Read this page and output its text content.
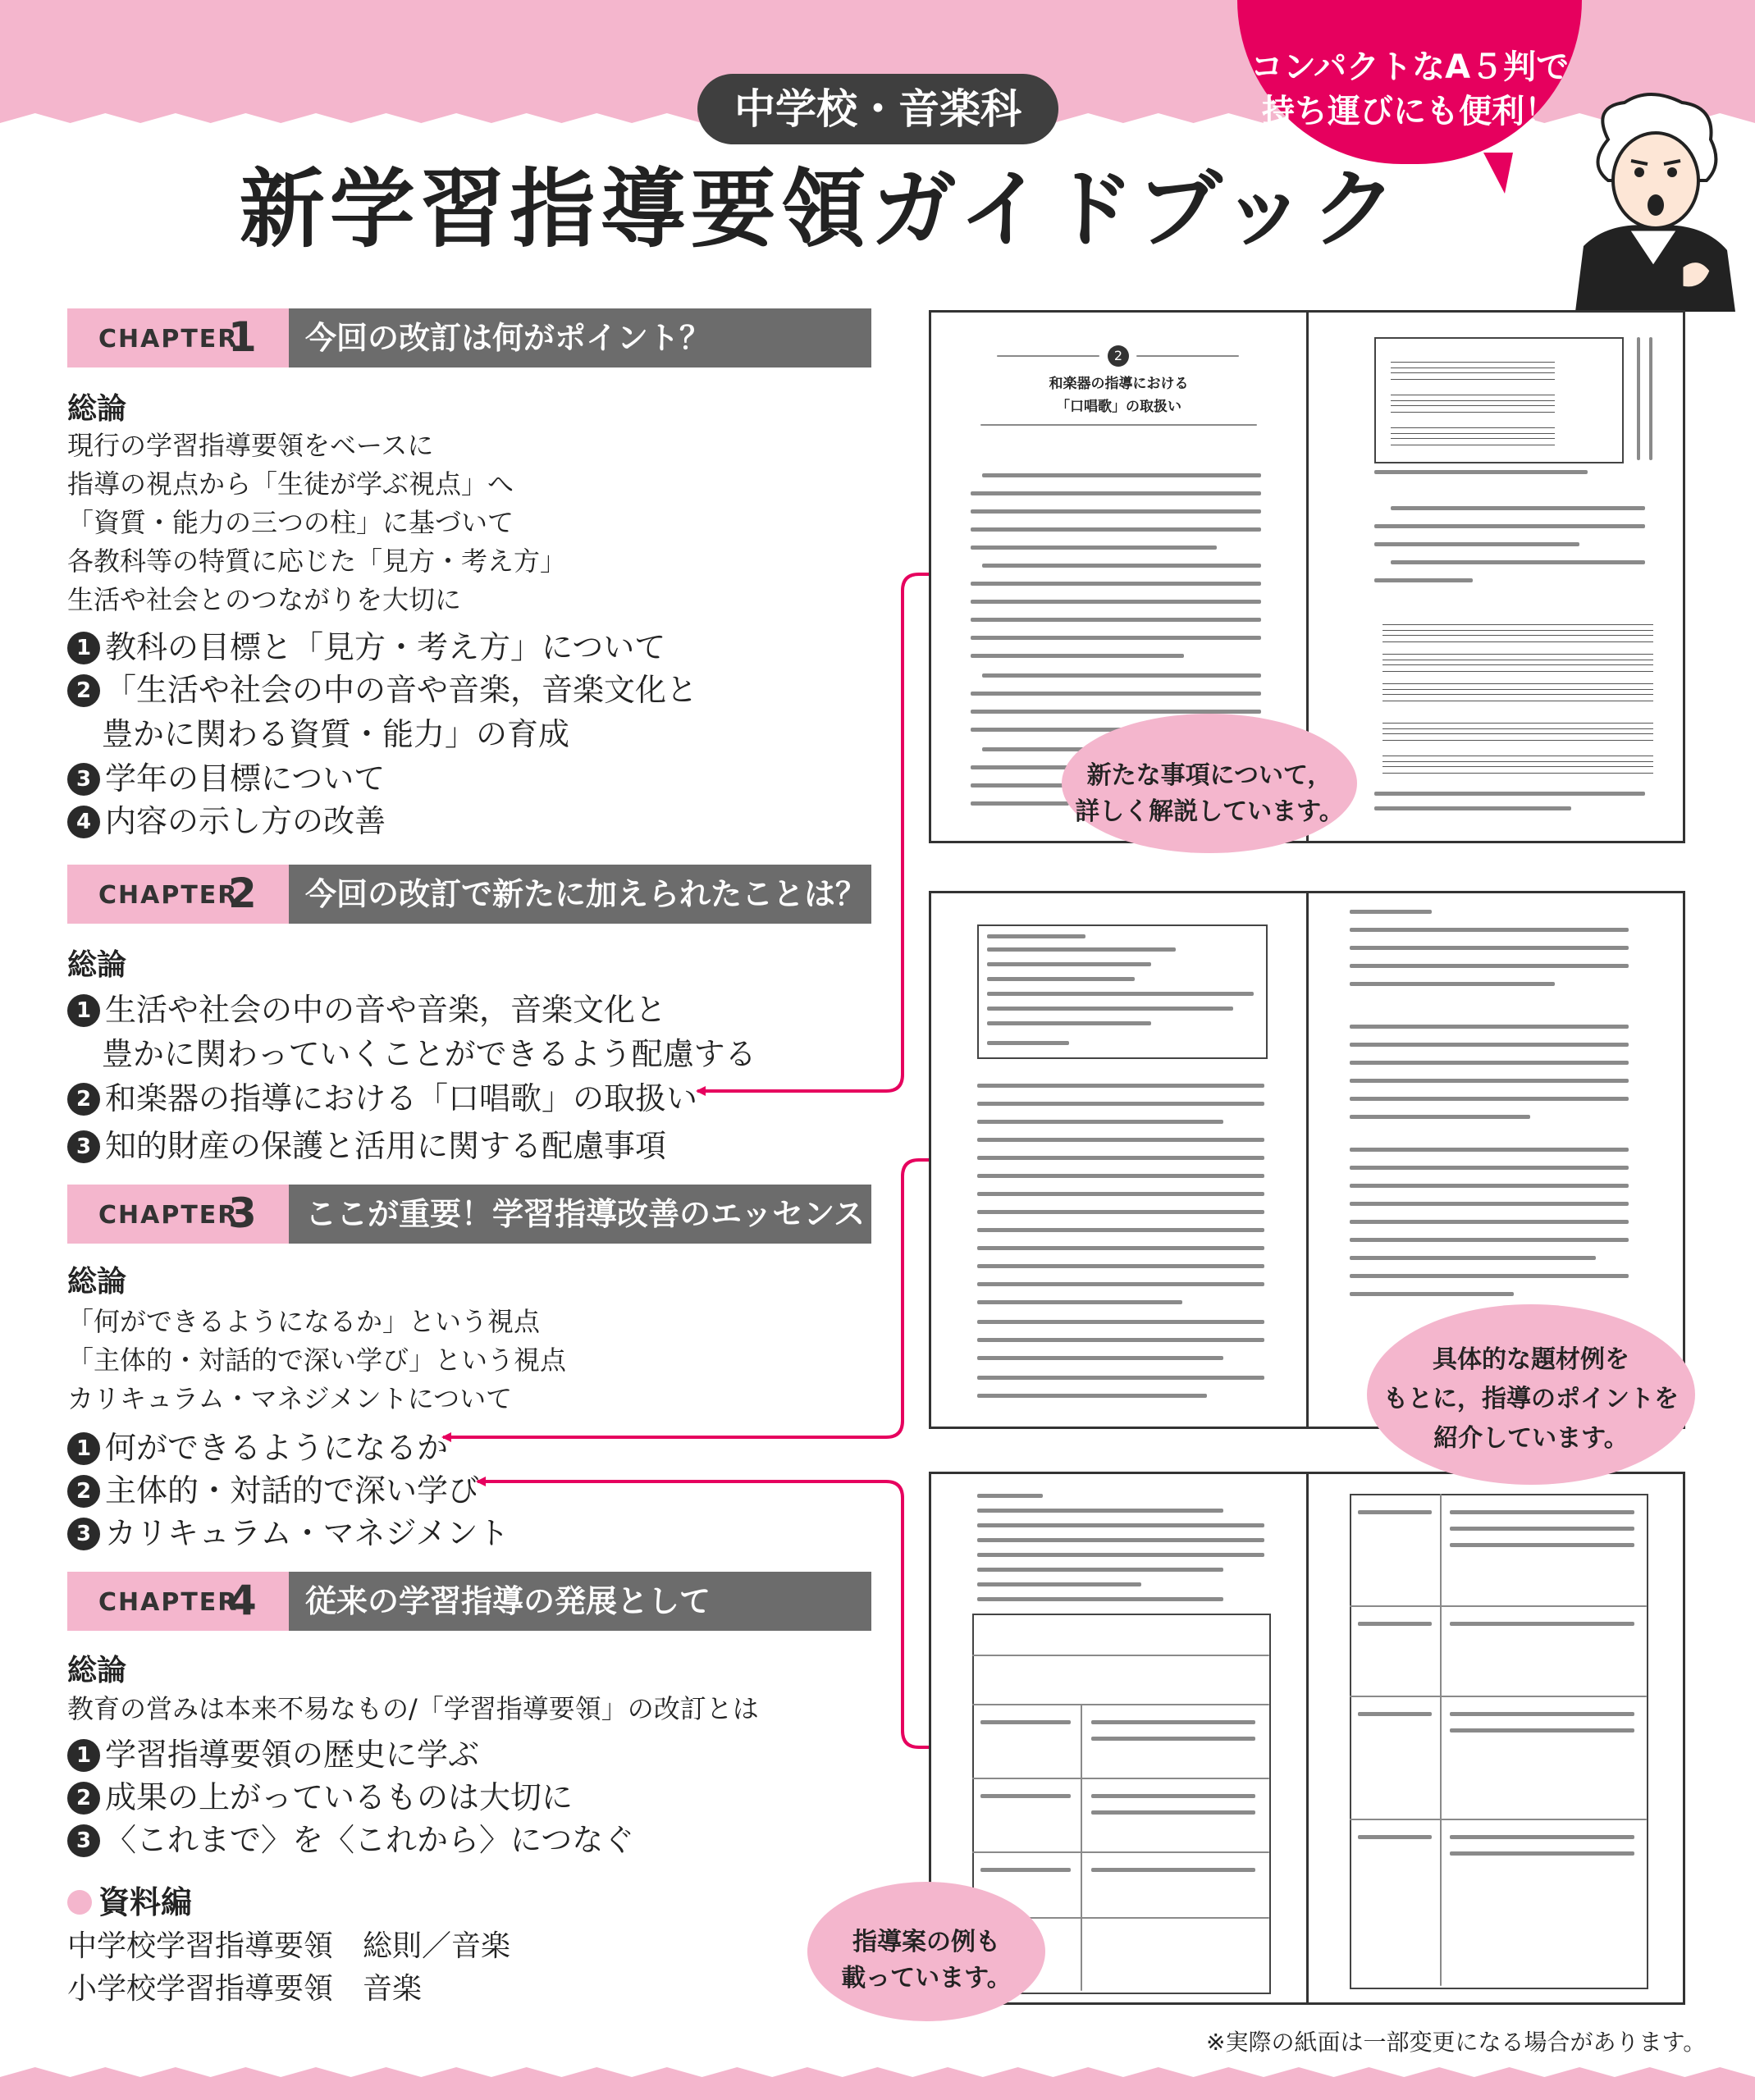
中学校・音楽科
新学習指導要領ガイドブック
コンパクトなA５判で
持ち運びにも便利！
CHAPTER
1	今回の改訂は何がポイント？
総論
現行の学習指導要領をベースに
指導の視点から「生徒が学ぶ視点」へ
「資質・能力の三つの柱」に基づいて
各教科等の特質に応じた「見方・考え方」
生活や社会とのつながりを大切に
1 教科の目標と「見方・考え方」について
2 「生活や社会の中の音や音楽，音楽文化と
豊かに関わる資質・能力」の育成
3 学年の目標について
4 内容の示し方の改善
CHAPTER
2	今回の改訂で新たに加えられたことは？
総論
1 生活や社会の中の音や音楽，音楽文化と
豊かに関わっていくことができるよう配慮する
2 和楽器の指導における「口唱歌」の取扱い
3 知的財産の保護と活用に関する配慮事項
CHAPTER
3	ここが重要！学習指導改善のエッセンス
総論
「何ができるようになるか」という視点
「主体的・対話的で深い学び」という視点
カリキュラム・マネジメントについて
1 何ができるようになるか
2 主体的・対話的で深い学び
3 カリキュラム・マネジメント
CHAPTER
4	従来の学習指導の発展として
総論
教育の営みは本来不易なもの/「学習指導要領」の改訂とは
1 学習指導要領の歴史に学ぶ
2 成果の上がっているものは大切に
3 〈これまで〉を〈これから〉につなぐ
資料編
中学校学習指導要領　総則／音楽
小学校学習指導要領　音楽
2
和楽器の指導における
「口唱歌」の取扱い
新たな事項について，
詳しく解説しています。
具体的な題材例を
もとに，指導のポイントを
紹介しています。
指導案の例も
載っています。
※実際の紙面は一部変更になる場合があります。
